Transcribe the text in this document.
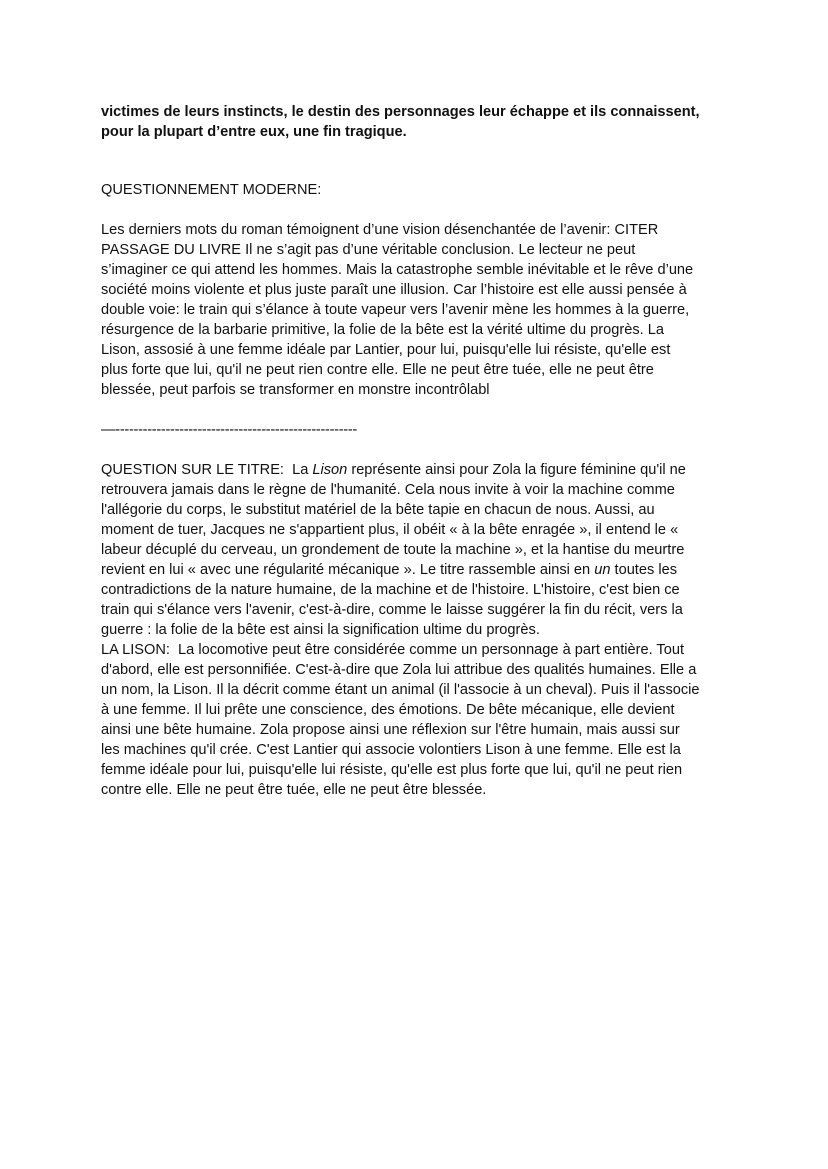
victimes de leurs instincts, le destin des personnages leur échappe et ils connaissent,
pour la plupart d’entre eux, une fin tragique.
QUESTIONNEMENT MODERNE:
Les derniers mots du roman témoignent d’une vision désenchantée de l’avenir: CITER
PASSAGE DU LIVRE Il ne s’agit pas d’une véritable conclusion. Le lecteur ne peut
s’imaginer ce qui attend les hommes. Mais la catastrophe semble inévitable et le rêve d’une
société moins violente et plus juste paraît une illusion. Car l’histoire est elle aussi pensée à
double voie: le train qui s’élance à toute vapeur vers l’avenir mène les hommes à la guerre,
résurgence de la barbarie primitive, la folie de la bête est la vérité ultime du progrès. La
Lison, assosié à une femme idéale par Lantier, pour lui, puisqu'elle lui résiste, qu'elle est
plus forte que lui, qu'il ne peut rien contre elle. Elle ne peut être tuée, elle ne peut être
blessée, peut parfois se transformer en monstre incontrôlabl
—-----------------------------------------------------
QUESTION SUR LE TITRE:  La Lison représente ainsi pour Zola la figure féminine qu'il ne
retrouvera jamais dans le règne de l'humanité. Cela nous invite à voir la machine comme
l'allégorie du corps, le substitut matériel de la bête tapie en chacun de nous. Aussi, au
moment de tuer, Jacques ne s'appartient plus, il obéit « à la bête enragée », il entend le «
labeur décuplé du cerveau, un grondement de toute la machine », et la hantise du meurtre
revient en lui « avec une régularité mécanique ». Le titre rassemble ainsi en un toutes les
contradictions de la nature humaine, de la machine et de l'histoire. L'histoire, c'est bien ce
train qui s'élance vers l'avenir, c'est-à-dire, comme le laisse suggérer la fin du récit, vers la
guerre : la folie de la bête est ainsi la signification ultime du progrès.
LA LISON:  La locomotive peut être considérée comme un personnage à part entière. Tout
d'abord, elle est personnifiée. C'est-à-dire que Zola lui attribue des qualités humaines. Elle a
un nom, la Lison. Il la décrit comme étant un animal (il l'associe à un cheval). Puis il l'associe
à une femme. Il lui prête une conscience, des émotions. De bête mécanique, elle devient
ainsi une bête humaine. Zola propose ainsi une réflexion sur l'être humain, mais aussi sur
les machines qu'il crée. C'est Lantier qui associe volontiers Lison à une femme. Elle est la
femme idéale pour lui, puisqu'elle lui résiste, qu'elle est plus forte que lui, qu'il ne peut rien
contre elle. Elle ne peut être tuée, elle ne peut être blessée.
